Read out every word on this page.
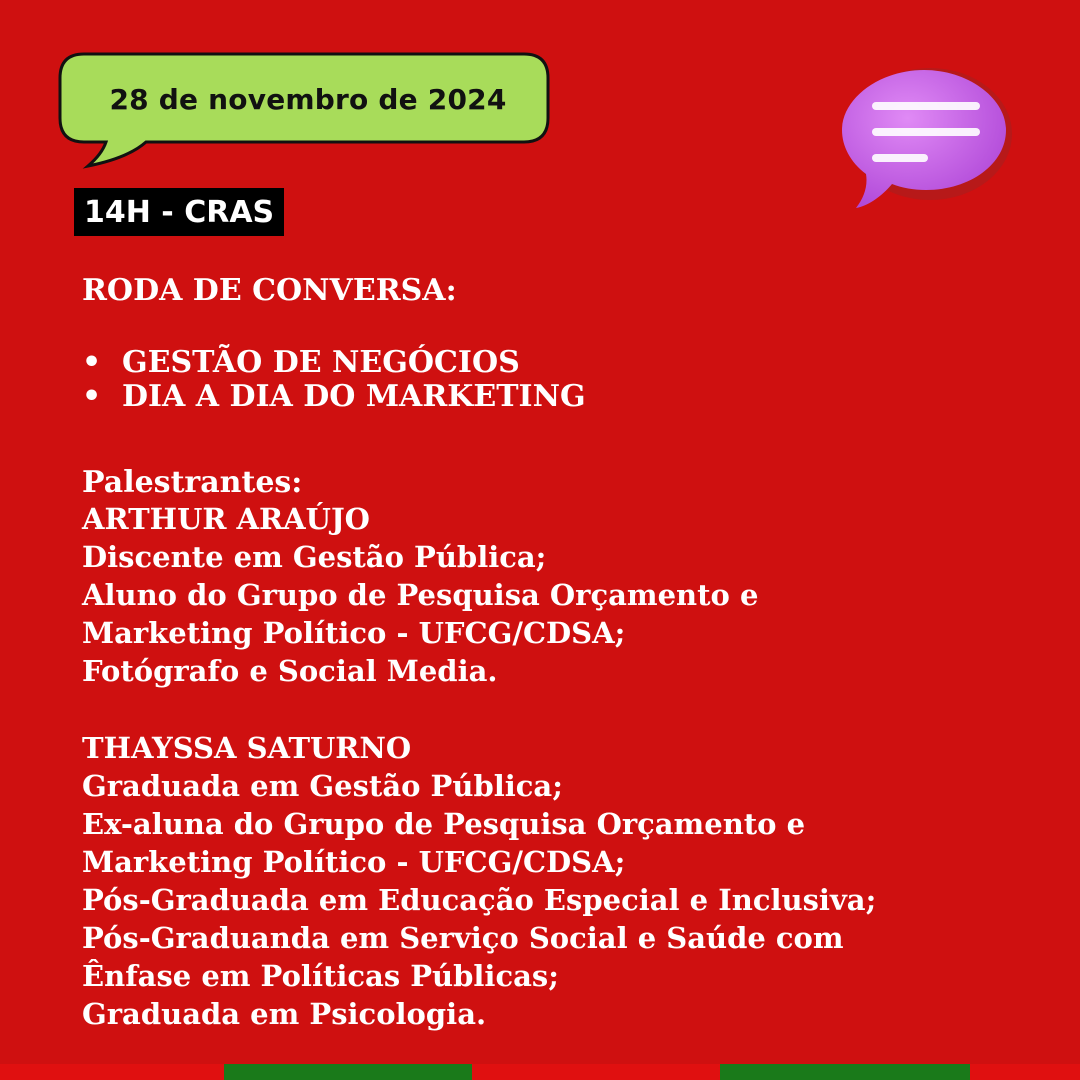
28 de novembro de 2024
14H - CRAS
RODA DE CONVERSA:
• GESTÃO DE NEGÓCIOS
• DIA A DIA DO MARKETING
Palestrantes:
ARTHUR ARAÚJO
Discente em Gestão Pública;
Aluno do Grupo de Pesquisa Orçamento e
Marketing Político - UFCG/CDSA;
Fotógrafo e Social Media.
THAYSSA SATURNO
Graduada em Gestão Pública;
Ex-aluna do Grupo de Pesquisa Orçamento e
Marketing Político - UFCG/CDSA;
Pós-Graduada em Educação Especial e Inclusiva;
Pós-Graduanda em Serviço Social e Saúde com
Ênfase em Políticas Públicas;
Graduada em Psicologia.
